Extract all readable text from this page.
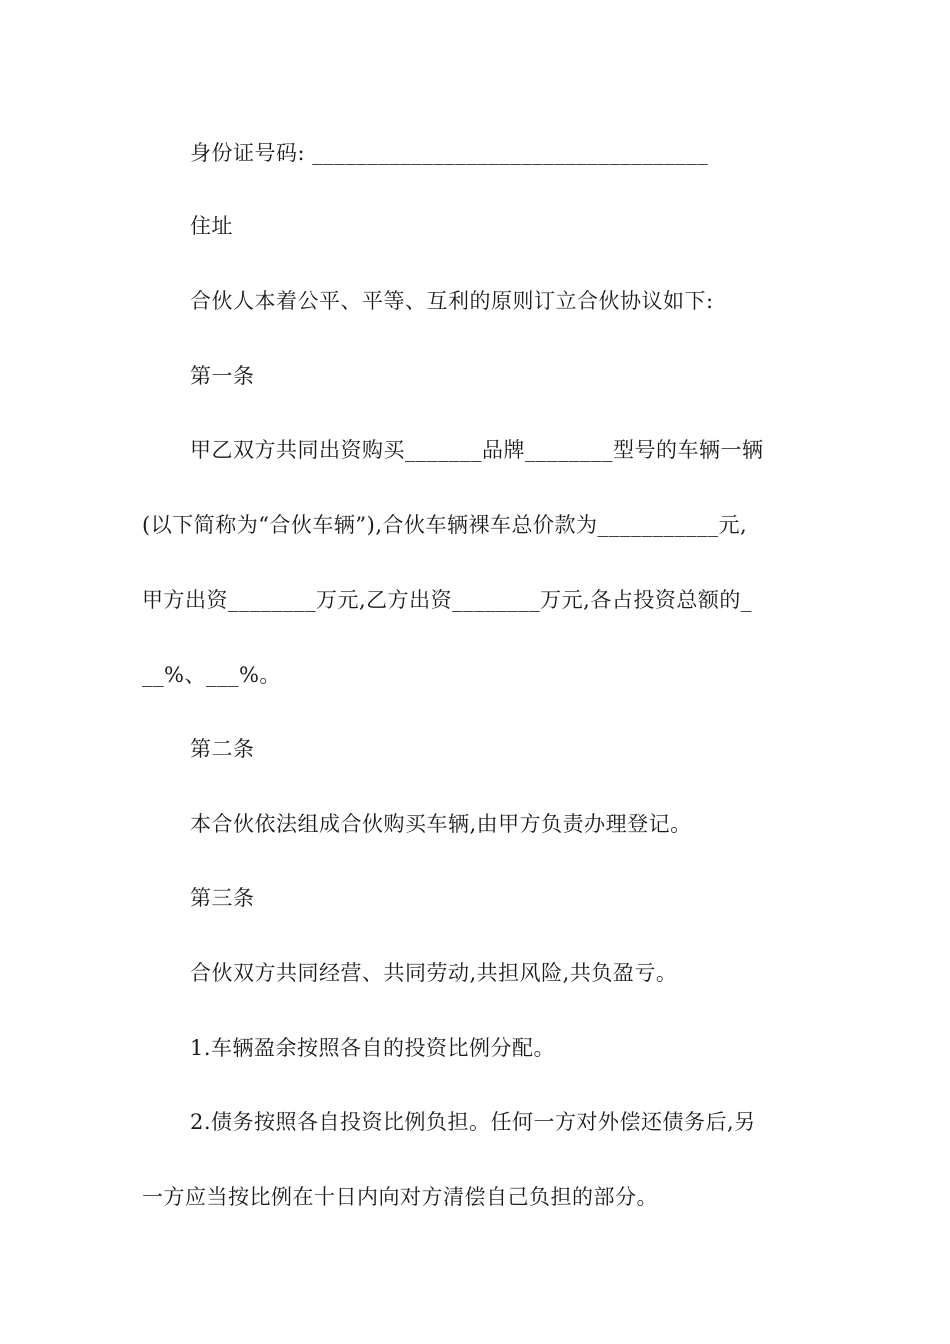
身份证号码: ____________________________________
住址
合伙人本着公平、平等、互利的原则订立合伙协议如下:
第一条
甲乙双方共同出资购买_______品牌________型号的车辆一辆
(以下简称为“合伙车辆”),合伙车辆裸车总价款为___________元,
甲方出资________万元,乙方出资________万元,各占投资总额的_
__%、___%。
第二条
本合伙依法组成合伙购买车辆,由甲方负责办理登记。
第三条
合伙双方共同经营、共同劳动,共担风险,共负盈亏。
1.车辆盈余按照各自的投资比例分配。
2.债务按照各自投资比例负担。任何一方对外偿还债务后,另
一方应当按比例在十日内向对方清偿自己负担的部分。
